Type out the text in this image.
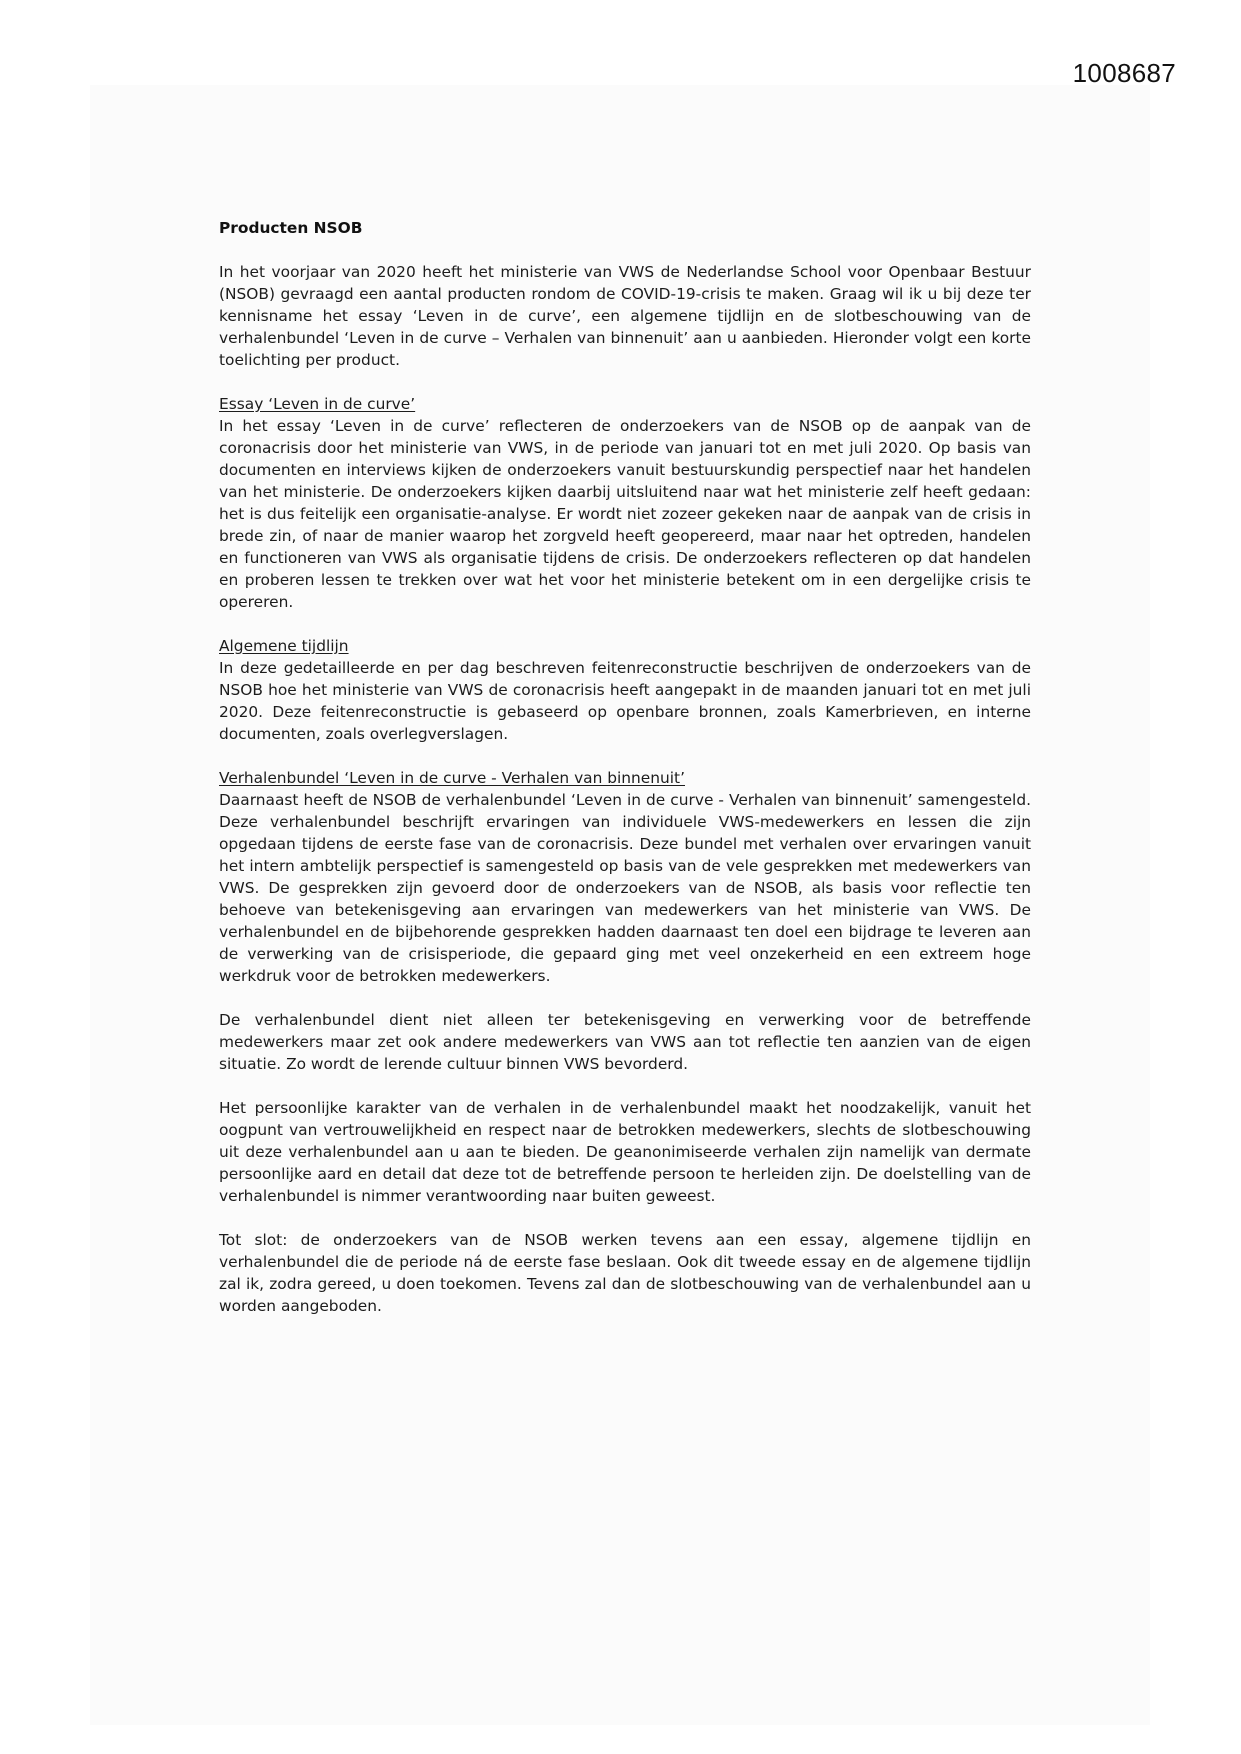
1008687
Producten NSOB

In het voorjaar van 2020 heeft het ministerie van VWS de Nederlandse School voor Openbaar Bestuur (NSOB) gevraagd een aantal producten rondom de COVID-19-crisis te maken. Graag wil ik u bij deze ter kennisname het essay ‘Leven in de curve’, een algemene tijdlijn en de slotbeschouwing van de verhalenbundel ‘Leven in de curve – Verhalen van binnenuit’ aan u aanbieden. Hieronder volgt een korte toelichting per product.

Essay ‘Leven in de curve’

In het essay ‘Leven in de curve’ reflecteren de onderzoekers van de NSOB op de aanpak van de coronacrisis door het ministerie van VWS, in de periode van januari tot en met juli 2020. Op basis van documenten en interviews kijken de onderzoekers vanuit bestuurskundig perspectief naar het handelen van het ministerie. De onderzoekers kijken daarbij uitsluitend naar wat het ministerie zelf heeft gedaan: het is dus feitelijk een organisatie-analyse. Er wordt niet zozeer gekeken naar de aanpak van de crisis in brede zin, of naar de manier waarop het zorgveld heeft geopereerd, maar naar het optreden, handelen en functioneren van VWS als organisatie tijdens de crisis. De onderzoekers reflecteren op dat handelen en proberen lessen te trekken over wat het voor het ministerie betekent om in een dergelijke crisis te opereren.

Algemene tijdlijn

In deze gedetailleerde en per dag beschreven feitenreconstructie beschrijven de onderzoekers van de NSOB hoe het ministerie van VWS de coronacrisis heeft aangepakt in de maanden januari tot en met juli 2020. Deze feitenreconstructie is gebaseerd op openbare bronnen, zoals Kamerbrieven, en interne documenten, zoals overlegverslagen.

Verhalenbundel ‘Leven in de curve - Verhalen van binnenuit’

Daarnaast heeft de NSOB de verhalenbundel ‘Leven in de curve - Verhalen van binnenuit’ samengesteld. Deze verhalenbundel beschrijft ervaringen van individuele VWS-medewerkers en lessen die zijn opgedaan tijdens de eerste fase van de coronacrisis. Deze bundel met verhalen over ervaringen vanuit het intern ambtelijk perspectief is samengesteld op basis van de vele gesprekken met medewerkers van VWS. De gesprekken zijn gevoerd door de onderzoekers van de NSOB, als basis voor reflectie ten behoeve van betekenisgeving aan ervaringen van medewerkers van het ministerie van VWS. De verhalenbundel en de bijbehorende gesprekken hadden daarnaast ten doel een bijdrage te leveren aan de verwerking van de crisisperiode, die gepaard ging met veel onzekerheid en een extreem hoge werkdruk voor de betrokken medewerkers.

De verhalenbundel dient niet alleen ter betekenisgeving en verwerking voor de betreffende medewerkers maar zet ook andere medewerkers van VWS aan tot reflectie ten aanzien van de eigen situatie. Zo wordt de lerende cultuur binnen VWS bevorderd.

Het persoonlijke karakter van de verhalen in de verhalenbundel maakt het noodzakelijk, vanuit het oogpunt van vertrouwelijkheid en respect naar de betrokken medewerkers, slechts de slotbeschouwing uit deze verhalenbundel aan u aan te bieden. De geanonimiseerde verhalen zijn namelijk van dermate persoonlijke aard en detail dat deze tot de betreffende persoon te herleiden zijn. De doelstelling van de verhalenbundel is nimmer verantwoording naar buiten geweest.

Tot slot: de onderzoekers van de NSOB werken tevens aan een essay, algemene tijdlijn en verhalenbundel die de periode ná de eerste fase beslaan. Ook dit tweede essay en de algemene tijdlijn zal ik, zodra gereed, u doen toekomen. Tevens zal dan de slotbeschouwing van de verhalenbundel aan u worden aangeboden.
